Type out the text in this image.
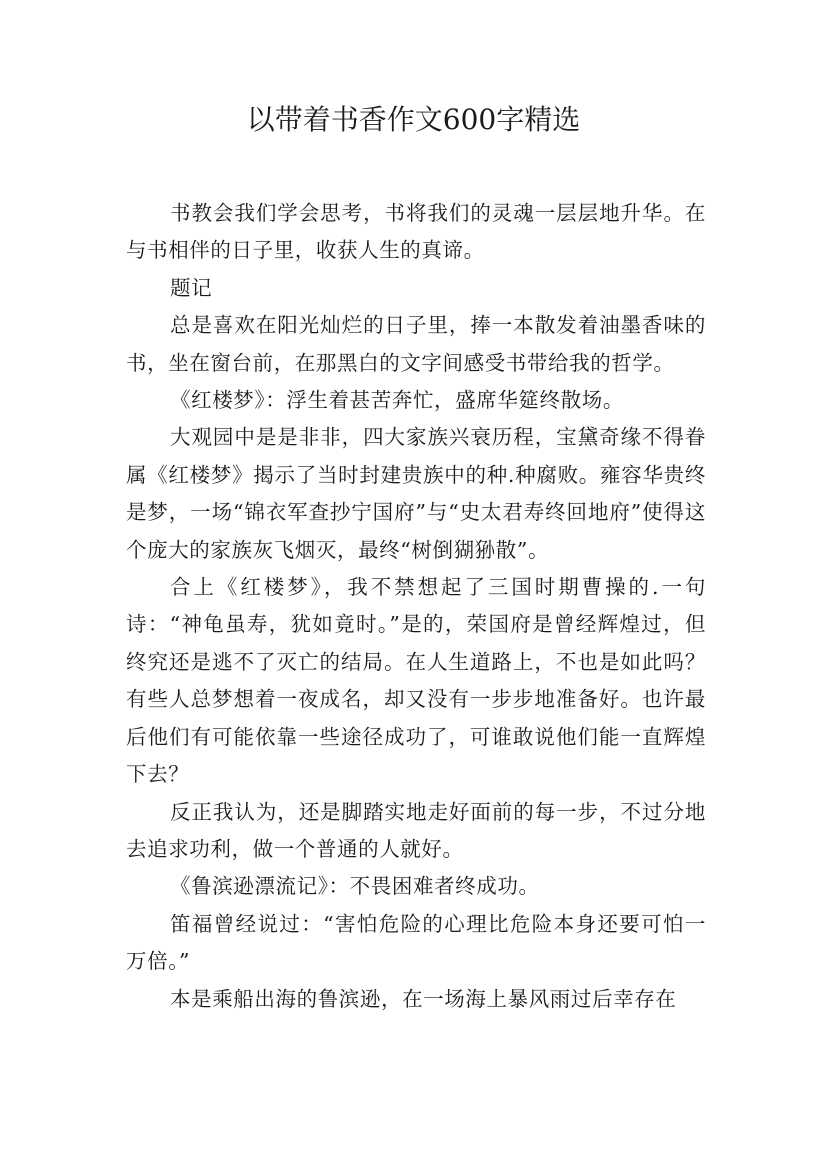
以带着书香作文600字精选

书教会我们学会思考，书将我们的灵魂一层层地升华。在与书相伴的日子里，收获人生的真谛。

题记

总是喜欢在阳光灿烂的日子里，捧一本散发着油墨香味的书，坐在窗台前，在那黑白的文字间感受书带给我的哲学。

《红楼梦》：浮生着甚苦奔忙，盛席华筵终散场。

大观园中是是非非，四大家族兴衰历程，宝黛奇缘不得眷属《红楼梦》揭示了当时封建贵族中的种.种腐败。雍容华贵终是梦，一场“锦衣军查抄宁国府”与“史太君寿终回地府”使得这个庞大的家族灰飞烟灭，最终“树倒猢狲散”。

合上《红楼梦》，我不禁想起了三国时期曹操的.一句诗：“神龟虽寿，犹如竟时。”是的，荣国府是曾经辉煌过，但终究还是逃不了灭亡的结局。在人生道路上，不也是如此吗？有些人总梦想着一夜成名，却又没有一步步地准备好。也许最后他们有可能依靠一些途径成功了，可谁敢说他们能一直辉煌下去？

反正我认为，还是脚踏实地走好面前的每一步，不过分地去追求功利，做一个普通的人就好。

《鲁滨逊漂流记》：不畏困难者终成功。

笛福曾经说过：“害怕危险的心理比危险本身还要可怕一万倍。”

本是乘船出海的鲁滨逊，在一场海上暴风雨过后幸存在
